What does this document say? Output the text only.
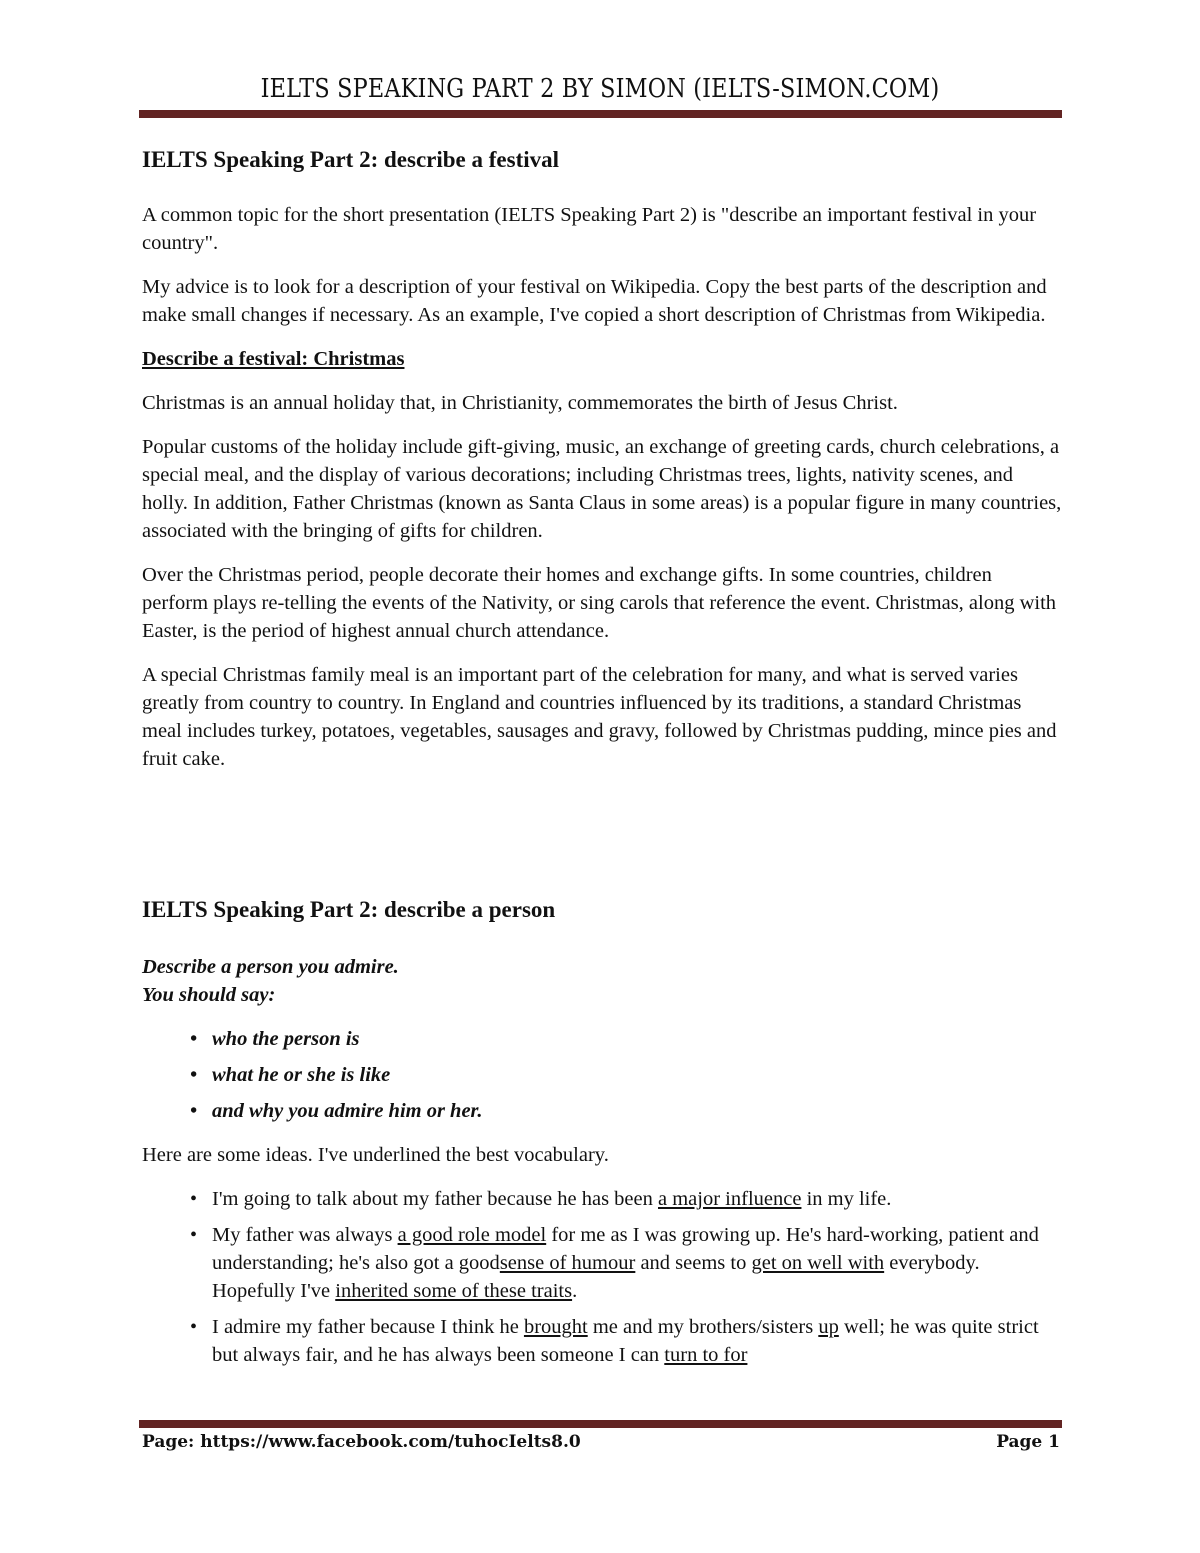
IELTS SPEAKING PART 2 BY SIMON (IELTS-SIMON.COM)
IELTS Speaking Part 2: describe a festival

A common topic for the short presentation (IELTS Speaking Part 2) is "describe an important festival in your country".

My advice is to look for a description of your festival on Wikipedia. Copy the best parts of the description and make small changes if necessary. As an example, I've copied a short description of Christmas from Wikipedia.

Describe a festival: Christmas

Christmas is an annual holiday that, in Christianity, commemorates the birth of Jesus Christ.

Popular customs of the holiday include gift-giving, music, an exchange of greeting cards, church celebrations, a special meal, and the display of various decorations; including Christmas trees, lights, nativity scenes, and holly. In addition, Father Christmas (known as Santa Claus in some areas) is a popular figure in many countries, associated with the bringing of gifts for children.

Over the Christmas period, people decorate their homes and exchange gifts. In some countries, children perform plays re-telling the events of the Nativity, or sing carols that reference the event. Christmas, along with Easter, is the period of highest annual church attendance.

A special Christmas family meal is an important part of the celebration for many, and what is served varies greatly from country to country. In England and countries influenced by its traditions, a standard Christmas meal includes turkey, potatoes, vegetables, sausages and gravy, followed by Christmas pudding, mince pies and fruit cake.

IELTS Speaking Part 2: describe a person

Describe a person you admire.

You should say:

• who the person is
• what he or she is like
• and why you admire him or her.

Here are some ideas. I've underlined the best vocabulary.

• I'm going to talk about my father because he has been a major influence in my life.
• My father was always a good role model for me as I was growing up. He's hard-working, patient and understanding; he's also got a goodsense of humour and seems to get on well with everybody. Hopefully I've inherited some of these traits.
• I admire my father because I think he brought me and my brothers/sisters up well; he was quite strict but always fair, and he has always been someone I can turn to for
Page: https://www.facebook.com/tuhocIelts8.0	Page 1
